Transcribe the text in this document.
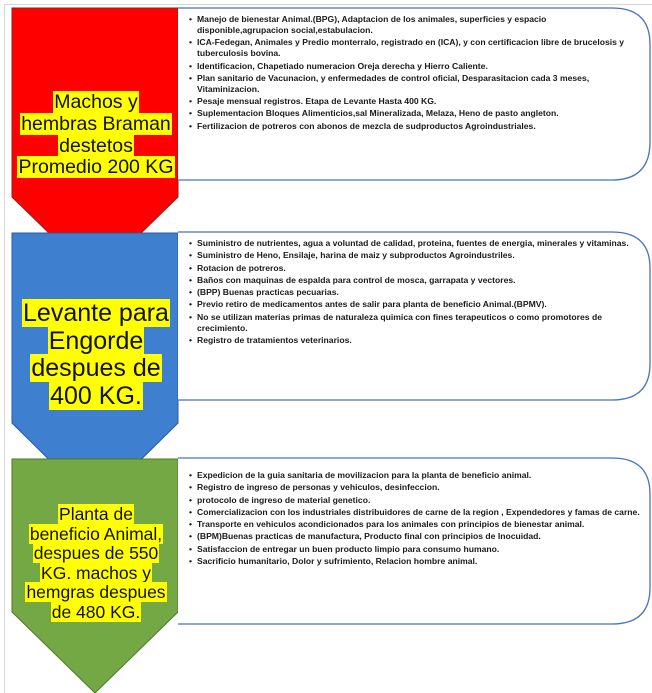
Machos y
hembras Braman
destetos
Promedio 200 KG
Levante para
Engorde
despues de
400 KG.
Planta de
beneficio Animal,
despues de 550
KG. machos y
hemgras despues
de 480 KG.
• Manejo de bienestar Animal.(BPG), Adaptacion de los animales, superficies y espacio disponible,agrupacion social,estabulacion.
• ICA-Fedegan, Animales y Predio monterralo, registrado en (ICA), y con certificacion libre de brucelosis y tuberculosis bovina.
• Identificacion, Chapetiado numeracion Oreja derecha y Hierro Caliente.
• Plan sanitario de Vacunacion, y enfermedades de control oficial, Desparasitacion cada 3 meses, Vitaminizacion.
• Pesaje mensual registros. Etapa de Levante Hasta 400 KG.
• Suplementacion Bloques Alimenticios,sal Mineralizada, Melaza, Heno de pasto angleton.
• Fertilizacion de potreros con abonos de mezcla de sudproductos Agroindustriales.
• Suministro de nutrientes, agua a voluntad de calidad, proteina, fuentes de energia, minerales y vitaminas.
• Suministro de Heno, Ensilaje, harina de maiz y subproductos Agroindustriles.
• Rotacion de potreros.
• Baños con maquinas de espalda para control de mosca, garrapata y vectores.
• (BPP) Buenas practicas pecuarias.
• Previo retiro de medicamentos antes de salir para planta de beneficio Animal.(BPMV).
• No se utilizan materias primas de naturaleza quimica con fines terapeuticos o como promotores de crecimiento.
• Registro de tratamientos veterinarios.
• Expedicion de la guia sanitaria de movilizacion para la planta de beneficio animal.
• Registro de ingreso de personas y vehiculos, desinfeccion.
• protocolo de ingreso de material genetico.
• Comercializacion con los industriales distribuidores de carne de la region , Expendedores y famas de carne.
• Transporte en vehiculos acondicionados para los animales con principios de bienestar animal.
• (BPM)Buenas practicas de manufactura, Producto final con principios de Inocuidad.
• Satisfaccion de entregar un buen producto limpio para consumo humano.
• Sacrificio humanitario, Dolor y sufrimiento, Relacion hombre animal.
